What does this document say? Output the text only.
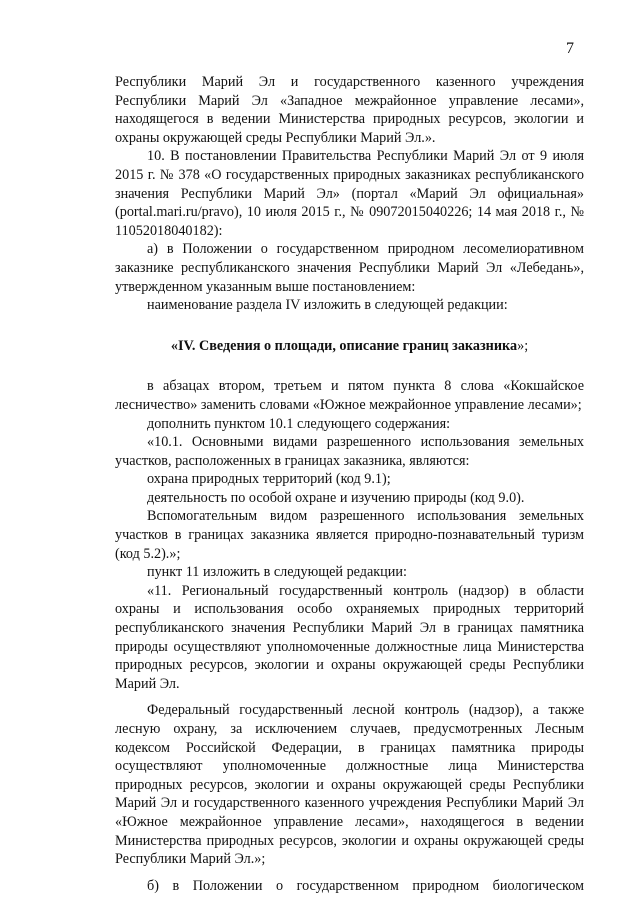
7

Республики Марий Эл и государственного казенного учреждения Республики Марий Эл «Западное межрайонное управление лесами», находящегося в ведении Министерства природных ресурсов, экологии и охраны окружающей среды Республики Марий Эл.».

10. В постановлении Правительства Республики Марий Эл от 9 июля 2015 г. № 378 «О государственных природных заказниках республиканского значения Республики Марий Эл» (портал «Марий Эл официальная» (portal.mari.ru/pravo), 10 июля 2015 г., № 09072015040226; 14 мая 2018 г., № 11052018040182):

а) в Положении о государственном природном лесомелиоративном заказнике республиканского значения Республики Марий Эл «Лебедань», утвержденном указанным выше постановлением:

наименование раздела IV изложить в следующей редакции:

«IV. Сведения о площади, описание границ заказника»;

в абзацах втором, третьем и пятом пункта 8 слова «Кокшайское лесничество» заменить словами «Южное межрайонное управление лесами»;

дополнить пунктом 10.1 следующего содержания:

«10.1. Основными видами разрешенного использования земельных участков, расположенных в границах заказника, являются:

охрана природных территорий (код 9.1);

деятельность по особой охране и изучению природы (код 9.0).

Вспомогательным видом разрешенного использования земельных участков в границах заказника является природно-познавательный туризм (код 5.2).»;

пункт 11 изложить в следующей редакции:

«11. Региональный государственный контроль (надзор) в области охраны и использования особо охраняемых природных территорий республиканского значения Республики Марий Эл в границах памятника природы осуществляют уполномоченные должностные лица Министерства природных ресурсов, экологии и охраны окружающей среды Республики Марий Эл.

Федеральный государственный лесной контроль (надзор), а также лесную охрану, за исключением случаев, предусмотренных Лесным кодексом Российской Федерации, в границах памятника природы осуществляют уполномоченные должностные лица Министерства природных ресурсов, экологии и охраны окружающей среды Республики Марий Эл и государственного казенного учреждения Республики Марий Эл «Южное межрайонное управление лесами», находящегося в ведении Министерства природных ресурсов, экологии и охраны окружающей среды Республики Марий Эл.»;

б) в Положении о государственном природном биологическом
